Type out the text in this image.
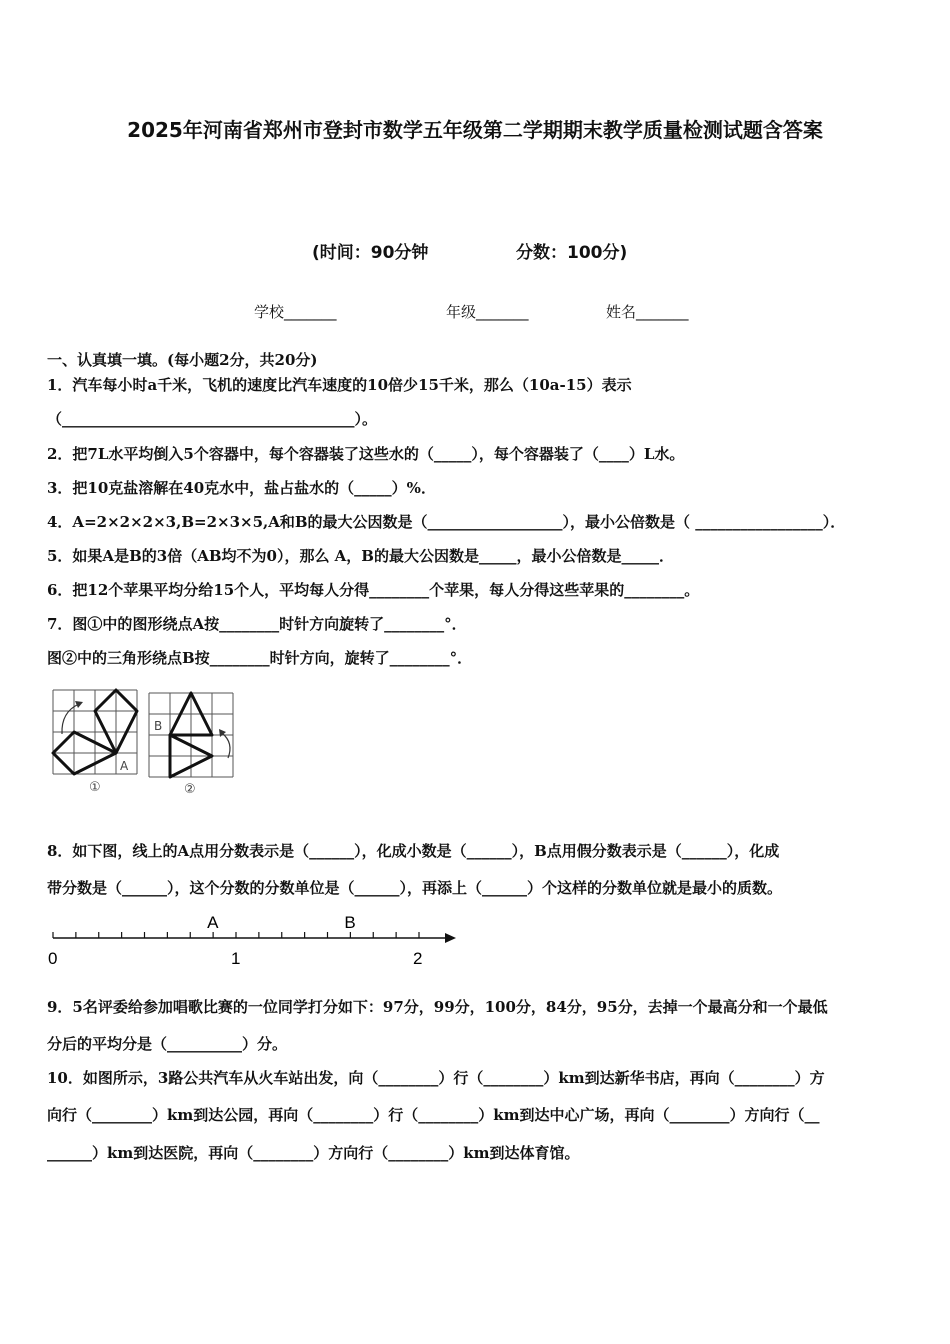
2025年河南省郑州市登封市数学五年级第二学期期末教学质量检测试题含答案
(时间：90分钟	分数：100分)
学校_______	年级_______	姓名_______
一、认真填一填。(每小题2分，共20分)
1．汽车每小时a千米，飞机的速度比汽车速度的10倍少15千米，那么（10a-15）表示
（_______________________________________）。
2．把7L水平均倒入5个容器中，每个容器装了这些水的（_____），每个容器装了（____）L水。
3．把10克盐溶解在40克水中，盐占盐水的（_____）%．
4．A=2×2×2×3,B=2×3×5,A和B的最大公因数是（__________________），最小公倍数是（ _________________）．
5．如果A是B的3倍（AB均不为0），那么 A，B的最大公因数是_____，最小公倍数是_____．
6．把12个苹果平均分给15个人，平均每人分得________个苹果，每人分得这些苹果的________。
7．图①中的图形绕点A按________时针方向旋转了________°．
图②中的三角形绕点B按________时针方向，旋转了________°．
A
①
B
②
0	1	2
A	B
8．如下图，线上的A点用分数表示是（______），化成小数是（______），B点用假分数表示是（______），化成
带分数是（______），这个分数的分数单位是（______），再添上（______）个这样的分数单位就是最小的质数。
9．5名评委给参加唱歌比赛的一位同学打分如下：97分，99分，100分，84分，95分，去掉一个最高分和一个最低
分后的平均分是（__________）分。
10．如图所示，3路公共汽车从火车站出发，向（________）行（________）km到达新华书店，再向（________）方
向行（________）km到达公园，再向（________）行（________）km到达中心广场，再向（________）方向行（__
______）km到达医院，再向（________）方向行（________）km到达体育馆。
